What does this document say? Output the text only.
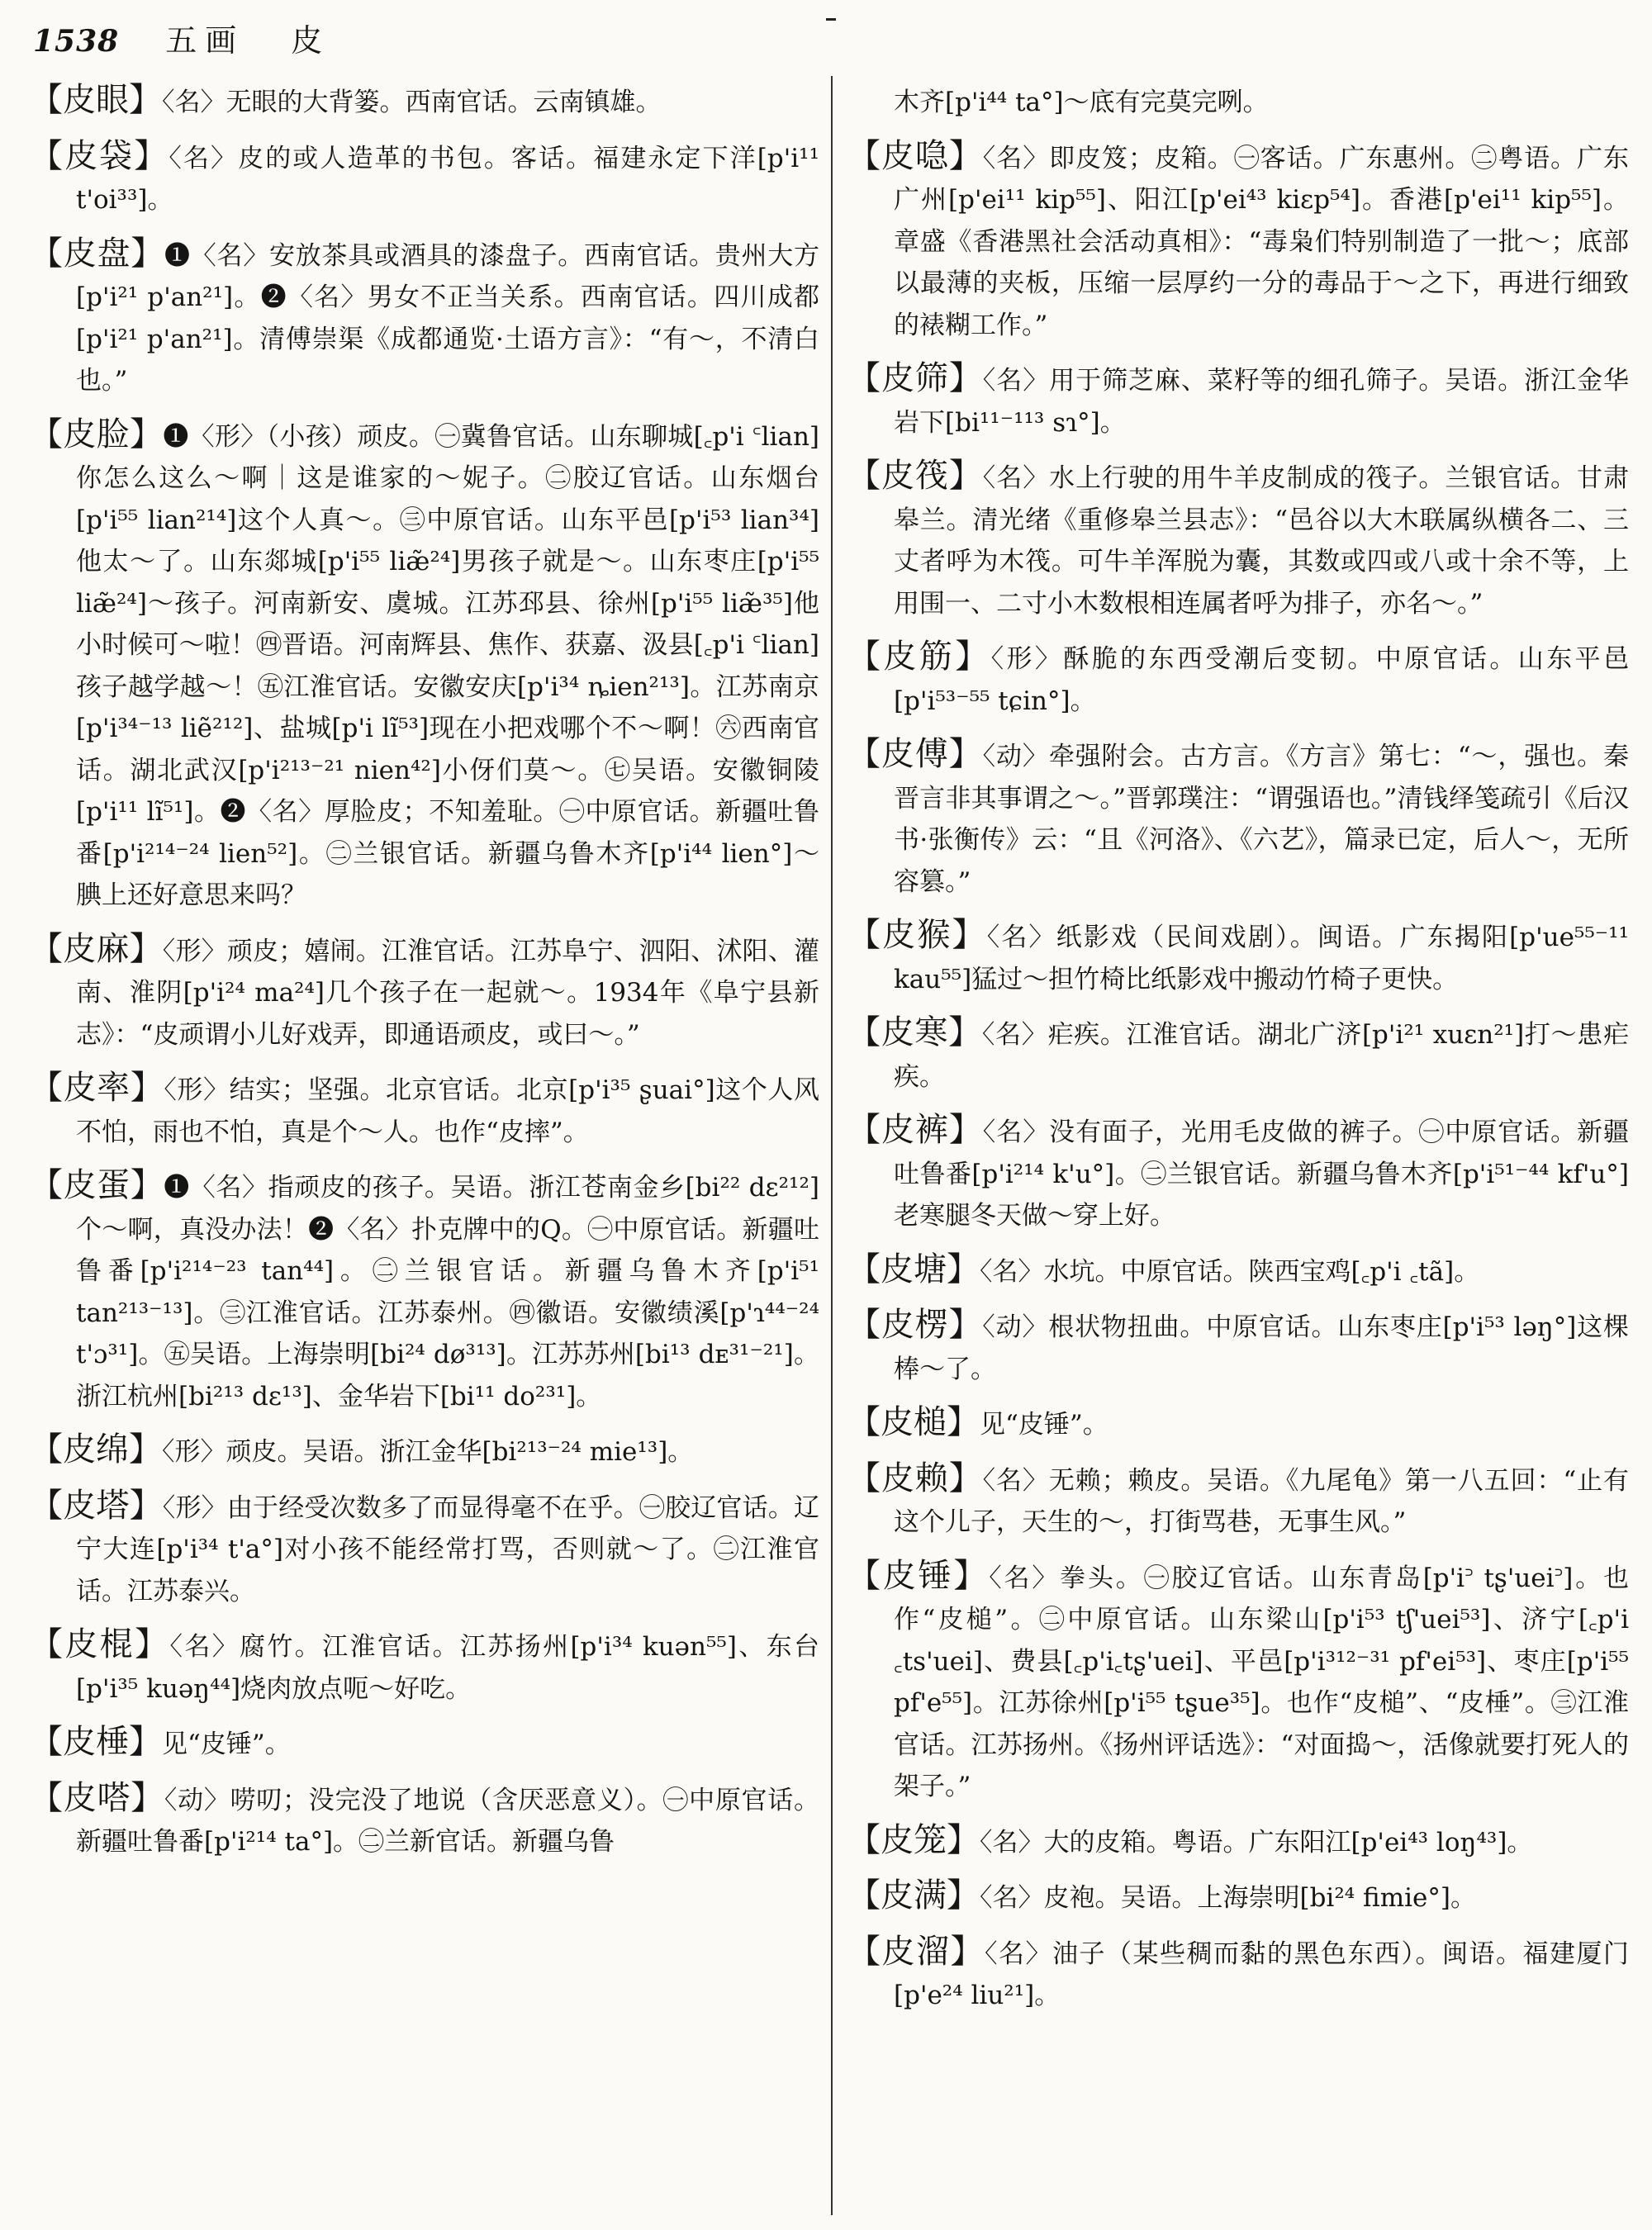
1538 五画 皮

【皮眼】〈名〉无眼的大背篓。西南官话。云南镇雄。

【皮袋】〈名〉皮的或人造革的书包。客话。福建永定下洋[p'i¹¹ t'oi³³]。

【皮盘】❶〈名〉安放茶具或酒具的漆盘子。西南官话。贵州大方[p'i²¹ p'an²¹]。❷〈名〉男女不正当关系。西南官话。四川成都[p'i²¹ p'an²¹]。清傅崇渠《成都通览·土语方言》：“有～，不清白也。”

【皮脸】❶〈形〉（小孩）顽皮。㊀冀鲁官话。山东聊城[꜀p'i ꜂lian]你怎么这么～啊｜这是谁家的～妮子。㊁胶辽官话。山东烟台[p'i⁵⁵ lian²¹⁴]这个人真～。㊂中原官话。山东平邑[p'i⁵³ lian³⁴]他太～了。山东郯城[p'i⁵⁵ liæ̃²⁴]男孩子就是～。山东枣庄[p'i⁵⁵ liæ̃²⁴]～孩子。河南新安、虞城。江苏邳县、徐州[p'i⁵⁵ liæ̃³⁵]他小时候可～啦！㊃晋语。河南辉县、焦作、获嘉、汲县[꜀p'i ꜂lian]孩子越学越～！㊄江淮官话。安徽安庆[p'i³⁴ ȵien²¹³]。江苏南京[p'i³⁴⁻¹³ liẽ²¹²]、盐城[p'i lĩ⁵³]现在小把戏哪个不～啊！㊅西南官话。湖北武汉[p'i²¹³⁻²¹ nien⁴²]小伢们莫～。㊆吴语。安徽铜陵[p'i¹¹ lĩ⁵¹]。❷〈名〉厚脸皮；不知羞耻。㊀中原官话。新疆吐鲁番[p'i²¹⁴⁻²⁴ lien⁵²]。㊁兰银官话。新疆乌鲁木齐[p'i⁴⁴ lien°]～腆上还好意思来吗？

【皮麻】〈形〉顽皮；嬉闹。江淮官话。江苏阜宁、泗阳、沭阳、灌南、淮阴[p'i²⁴ ma²⁴]几个孩子在一起就～。1934年《阜宁县新志》：“皮顽谓小儿好戏弄，即通语顽皮，或曰～。”

【皮率】〈形〉结实；坚强。北京官话。北京[p'i³⁵ ʂuai°]这个人风不怕，雨也不怕，真是个～人。也作“皮摔”。

【皮蛋】❶〈名〉指顽皮的孩子。吴语。浙江苍南金乡[bi²² dɛ²¹²]个～啊，真没办法！❷〈名〉扑克牌中的Q。㊀中原官话。新疆吐鲁番[p'i²¹⁴⁻²³ tan⁴⁴]。㊁兰银官话。新疆乌鲁木齐[p'i⁵¹ tan²¹³⁻¹³]。㊂江淮官话。江苏泰州。㊃徽语。安徽绩溪[p'ɿ⁴⁴⁻²⁴ t'ɔ³¹]。㊄吴语。上海崇明[bi²⁴ dø³¹³]。江苏苏州[bi¹³ dᴇ³¹⁻²¹]。浙江杭州[bi²¹³ dɛ¹³]、金华岩下[bi¹¹ do²³¹]。

【皮绵】〈形〉顽皮。吴语。浙江金华[bi²¹³⁻²⁴ mie¹³]。

【皮塔】〈形〉由于经受次数多了而显得毫不在乎。㊀胶辽官话。辽宁大连[p'i³⁴ t'a°]对小孩不能经常打骂，否则就～了。㊁江淮官话。江苏泰兴。

【皮棍】〈名〉腐竹。江淮官话。江苏扬州[p'i³⁴ kuən⁵⁵]、东台[p'i³⁵ kuəŋ⁴⁴]烧肉放点呃～好吃。

【皮棰】见“皮锤”。

【皮嗒】〈动〉唠叨；没完没了地说（含厌恶意义）。㊀中原官话。新疆吐鲁番[p'i²¹⁴ ta°]。㊁兰新官话。新疆乌鲁

木齐[p'i⁴⁴ ta°]～底有完莫完咧。

【皮喼】〈名〉即皮笈；皮箱。㊀客话。广东惠州。㊁粤语。广东广州[p'ei¹¹ kip⁵⁵]、阳江[p'ei⁴³ kiɛp⁵⁴]。香港[p'ei¹¹ kip⁵⁵]。章盛《香港黑社会活动真相》：“毒枭们特别制造了一批～；底部以最薄的夹板，压缩一层厚约一分的毒品于～之下，再进行细致的裱糊工作。”

【皮筛】〈名〉用于筛芝麻、菜籽等的细孔筛子。吴语。浙江金华岩下[bi¹¹⁻¹¹³ sɿ°]。

【皮筏】〈名〉水上行驶的用牛羊皮制成的筏子。兰银官话。甘肃皋兰。清光绪《重修皋兰县志》：“邑谷以大木联属纵横各二、三丈者呼为木筏。可牛羊浑脱为囊，其数或四或八或十余不等，上用围一、二寸小木数根相连属者呼为排子，亦名～。”

【皮筋】〈形〉酥脆的东西受潮后变韧。中原官话。山东平邑[p'i⁵³⁻⁵⁵ tɕin°]。

【皮傅】〈动〉牵强附会。古方言。《方言》第七：“～，强也。秦晋言非其事谓之～。”晋郭璞注：“谓强语也。”清钱绎笺疏引《后汉书·张衡传》云：“且《河洛》、《六艺》，篇录已定，后人～，无所容篡。”

【皮猴】〈名〉纸影戏（民间戏剧）。闽语。广东揭阳[p'ue⁵⁵⁻¹¹ kau⁵⁵]猛过～担竹椅比纸影戏中搬动竹椅子更快。

【皮寒】〈名〉疟疾。江淮官话。湖北广济[p'i²¹ xuɛn²¹]打～患疟疾。

【皮裤】〈名〉没有面子，光用毛皮做的裤子。㊀中原官话。新疆吐鲁番[p'i²¹⁴ k'u°]。㊁兰银官话。新疆乌鲁木齐[p'i⁵¹⁻⁴⁴ kf'u°]老寒腿冬天做～穿上好。

【皮塘】〈名〉水坑。中原官话。陕西宝鸡[꜀p'i ꜀tã]。

【皮楞】〈动〉根状物扭曲。中原官话。山东枣庄[p'i⁵³ ləŋ°]这棵棒～了。

【皮槌】见“皮锤”。

【皮赖】〈名〉无赖；赖皮。吴语。《九尾龟》第一八五回：“止有这个儿子，天生的～，打街骂巷，无事生风。”

【皮锤】〈名〉拳头。㊀胶辽官话。山东青岛[p'i꜄ tʂ'uei꜄]。也作“皮槌”。㊁中原官话。山东梁山[p'i⁵³ tʃ'uei⁵³]、济宁[꜀p'i ꜀ts'uei]、费县[꜀p'i꜀tʂ'uei]、平邑[p'i³¹²⁻³¹ pf'ei⁵³]、枣庄[p'i⁵⁵ pf'e⁵⁵]。江苏徐州[p'i⁵⁵ tʂue³⁵]。也作“皮槌”、“皮棰”。㊂江淮官话。江苏扬州。《扬州评话选》：“对面捣～，活像就要打死人的架子。”

【皮笼】〈名〉大的皮箱。粤语。广东阳江[p'ei⁴³ loŋ⁴³]。

【皮满】〈名〉皮袍。吴语。上海崇明[bi²⁴ fimie°]。

【皮溜】〈名〉油子（某些稠而黏的黑色东西）。闽语。福建厦门[p'e²⁴ liu²¹]。
